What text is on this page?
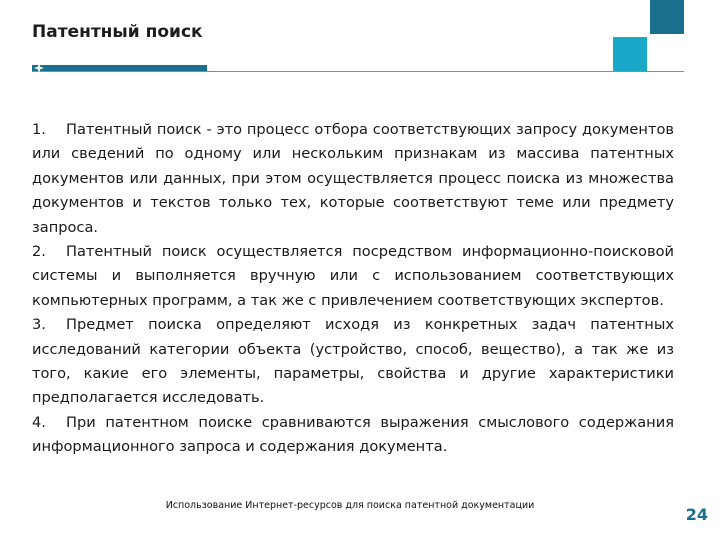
Патентный поиск

1. Патентный поиск - это процесс отбора соответствующих запросу документов или сведений по одному или нескольким признакам из массива патентных документов или данных, при этом осуществляется процесс поиска из множества документов и текстов только тех, которые соответствуют теме или предмету запроса.

2. Патентный поиск осуществляется посредством информационно-поисковой системы и выполняется вручную или с использованием соответствующих компьютерных программ, а так же с привлечением соответствующих экспертов.

3. Предмет поиска определяют исходя из конкретных задач патентных исследований категории объекта (устройство, способ, вещество), а так же из того, какие его элементы, параметры, свойства и другие характеристики предполагается исследовать.

4. При патентном поиске сравниваются выражения смыслового содержания информационного запроса и содержания документа.

Использование Интернет-ресурсов для поиска патентной документации	24
